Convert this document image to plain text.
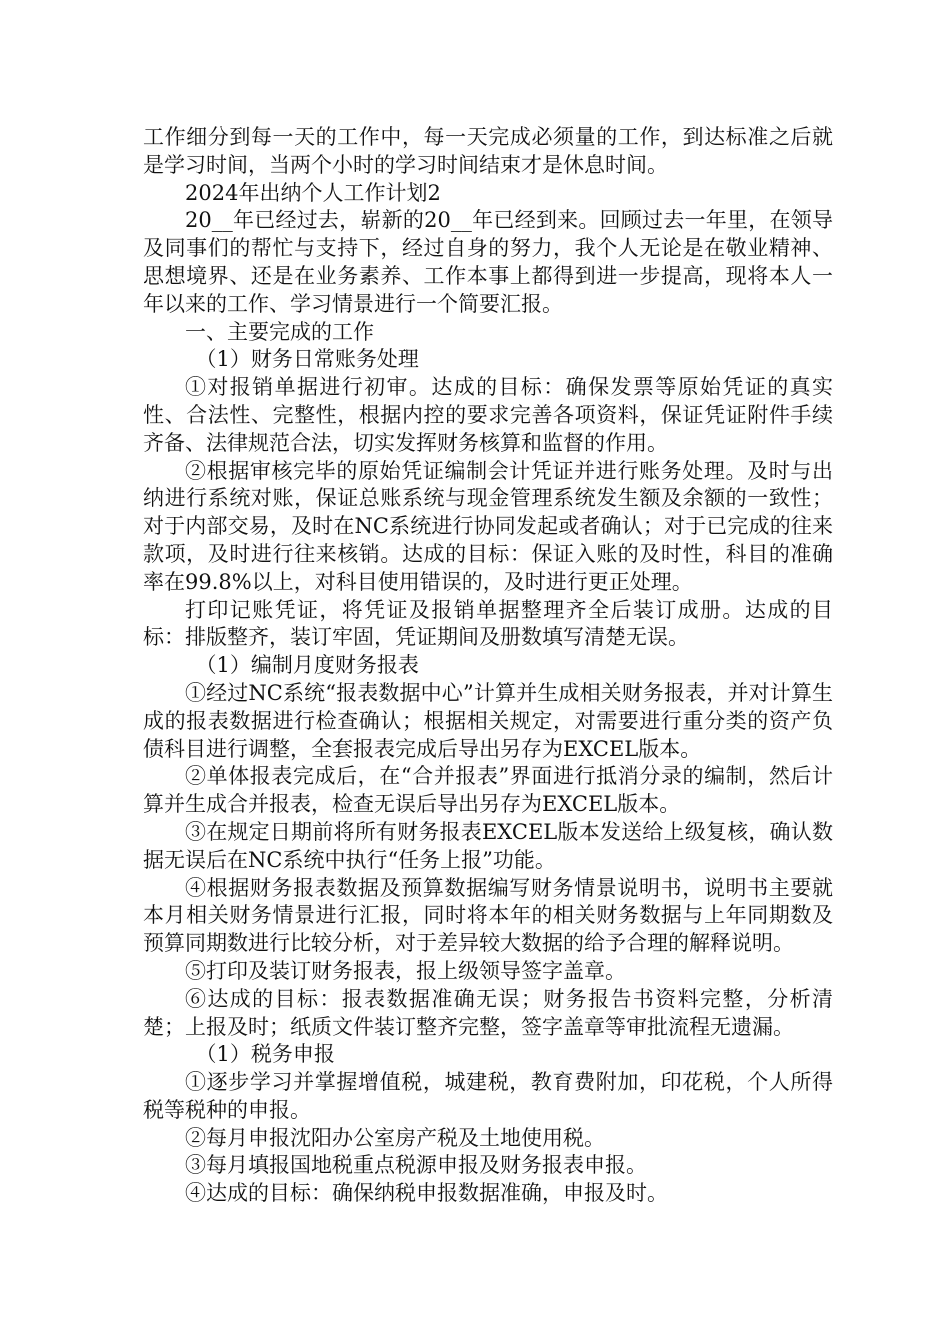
工作细分到每一天的工作中，每一天完成必须量的工作，到达标准之后就是学习时间，当两个小时的学习时间结束才是休息时间。

2024年出纳个人工作计划2

20__年已经过去，崭新的20__年已经到来。回顾过去一年里，在领导及同事们的帮忙与支持下，经过自身的努力，我个人无论是在敬业精神、思想境界、还是在业务素养、工作本事上都得到进一步提高，现将本人一年以来的工作、学习情景进行一个简要汇报。

一、主要完成的工作

（1）财务日常账务处理

①对报销单据进行初审。达成的目标：确保发票等原始凭证的真实性、合法性、完整性，根据内控的要求完善各项资料，保证凭证附件手续齐备、法律规范合法，切实发挥财务核算和监督的作用。

②根据审核完毕的原始凭证编制会计凭证并进行账务处理。及时与出纳进行系统对账，保证总账系统与现金管理系统发生额及余额的一致性；对于内部交易，及时在NC系统进行协同发起或者确认；对于已完成的往来款项，及时进行往来核销。达成的目标：保证入账的及时性，科目的准确率在99.8%以上，对科目使用错误的，及时进行更正处理。

打印记账凭证，将凭证及报销单据整理齐全后装订成册。达成的目标：排版整齐，装订牢固，凭证期间及册数填写清楚无误。

（1）编制月度财务报表

①经过NC系统“报表数据中心”计算并生成相关财务报表，并对计算生成的报表数据进行检查确认；根据相关规定，对需要进行重分类的资产负债科目进行调整，全套报表完成后导出另存为EXCEL版本。

②单体报表完成后，在“合并报表”界面进行抵消分录的编制，然后计算并生成合并报表，检查无误后导出另存为EXCEL版本。

③在规定日期前将所有财务报表EXCEL版本发送给上级复核，确认数据无误后在NC系统中执行“任务上报”功能。

④根据财务报表数据及预算数据编写财务情景说明书，说明书主要就本月相关财务情景进行汇报，同时将本年的相关财务数据与上年同期数及预算同期数进行比较分析，对于差异较大数据的给予合理的解释说明。

⑤打印及装订财务报表，报上级领导签字盖章。

⑥达成的目标：报表数据准确无误；财务报告书资料完整，分析清楚；上报及时；纸质文件装订整齐完整，签字盖章等审批流程无遗漏。

（1）税务申报

①逐步学习并掌握增值税，城建税，教育费附加，印花税，个人所得税等税种的申报。

②每月申报沈阳办公室房产税及土地使用税。

③每月填报国地税重点税源申报及财务报表申报。

④达成的目标：确保纳税申报数据准确，申报及时。
